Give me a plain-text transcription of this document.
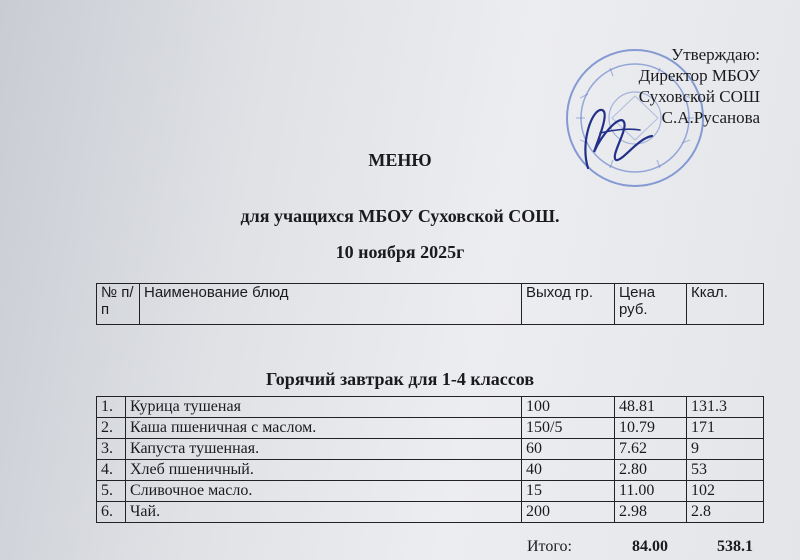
Утверждаю:
Директор МБОУ
Суховской СОШ
С.А.Русанова
МЕНЮ
для учащихся МБОУ Суховской СОШ.
10 ноября 2025г
№ п/п	Наименование блюд	Выход гр.	Цена руб.	Ккал.
Горячий завтрак для 1-4 классов
1.	Курица тушеная	100	48.81	131.3
2.	Каша пшеничная с маслом.	150/5	10.79	171
3.	Капуста тушенная.	60	7.62	9
4.	Хлеб пшеничный.	40	2.80	53
5.	Сливочное масло.	15	11.00	102
6.	Чай.	200	2.98	2.8
Итого:	84.00	538.1
